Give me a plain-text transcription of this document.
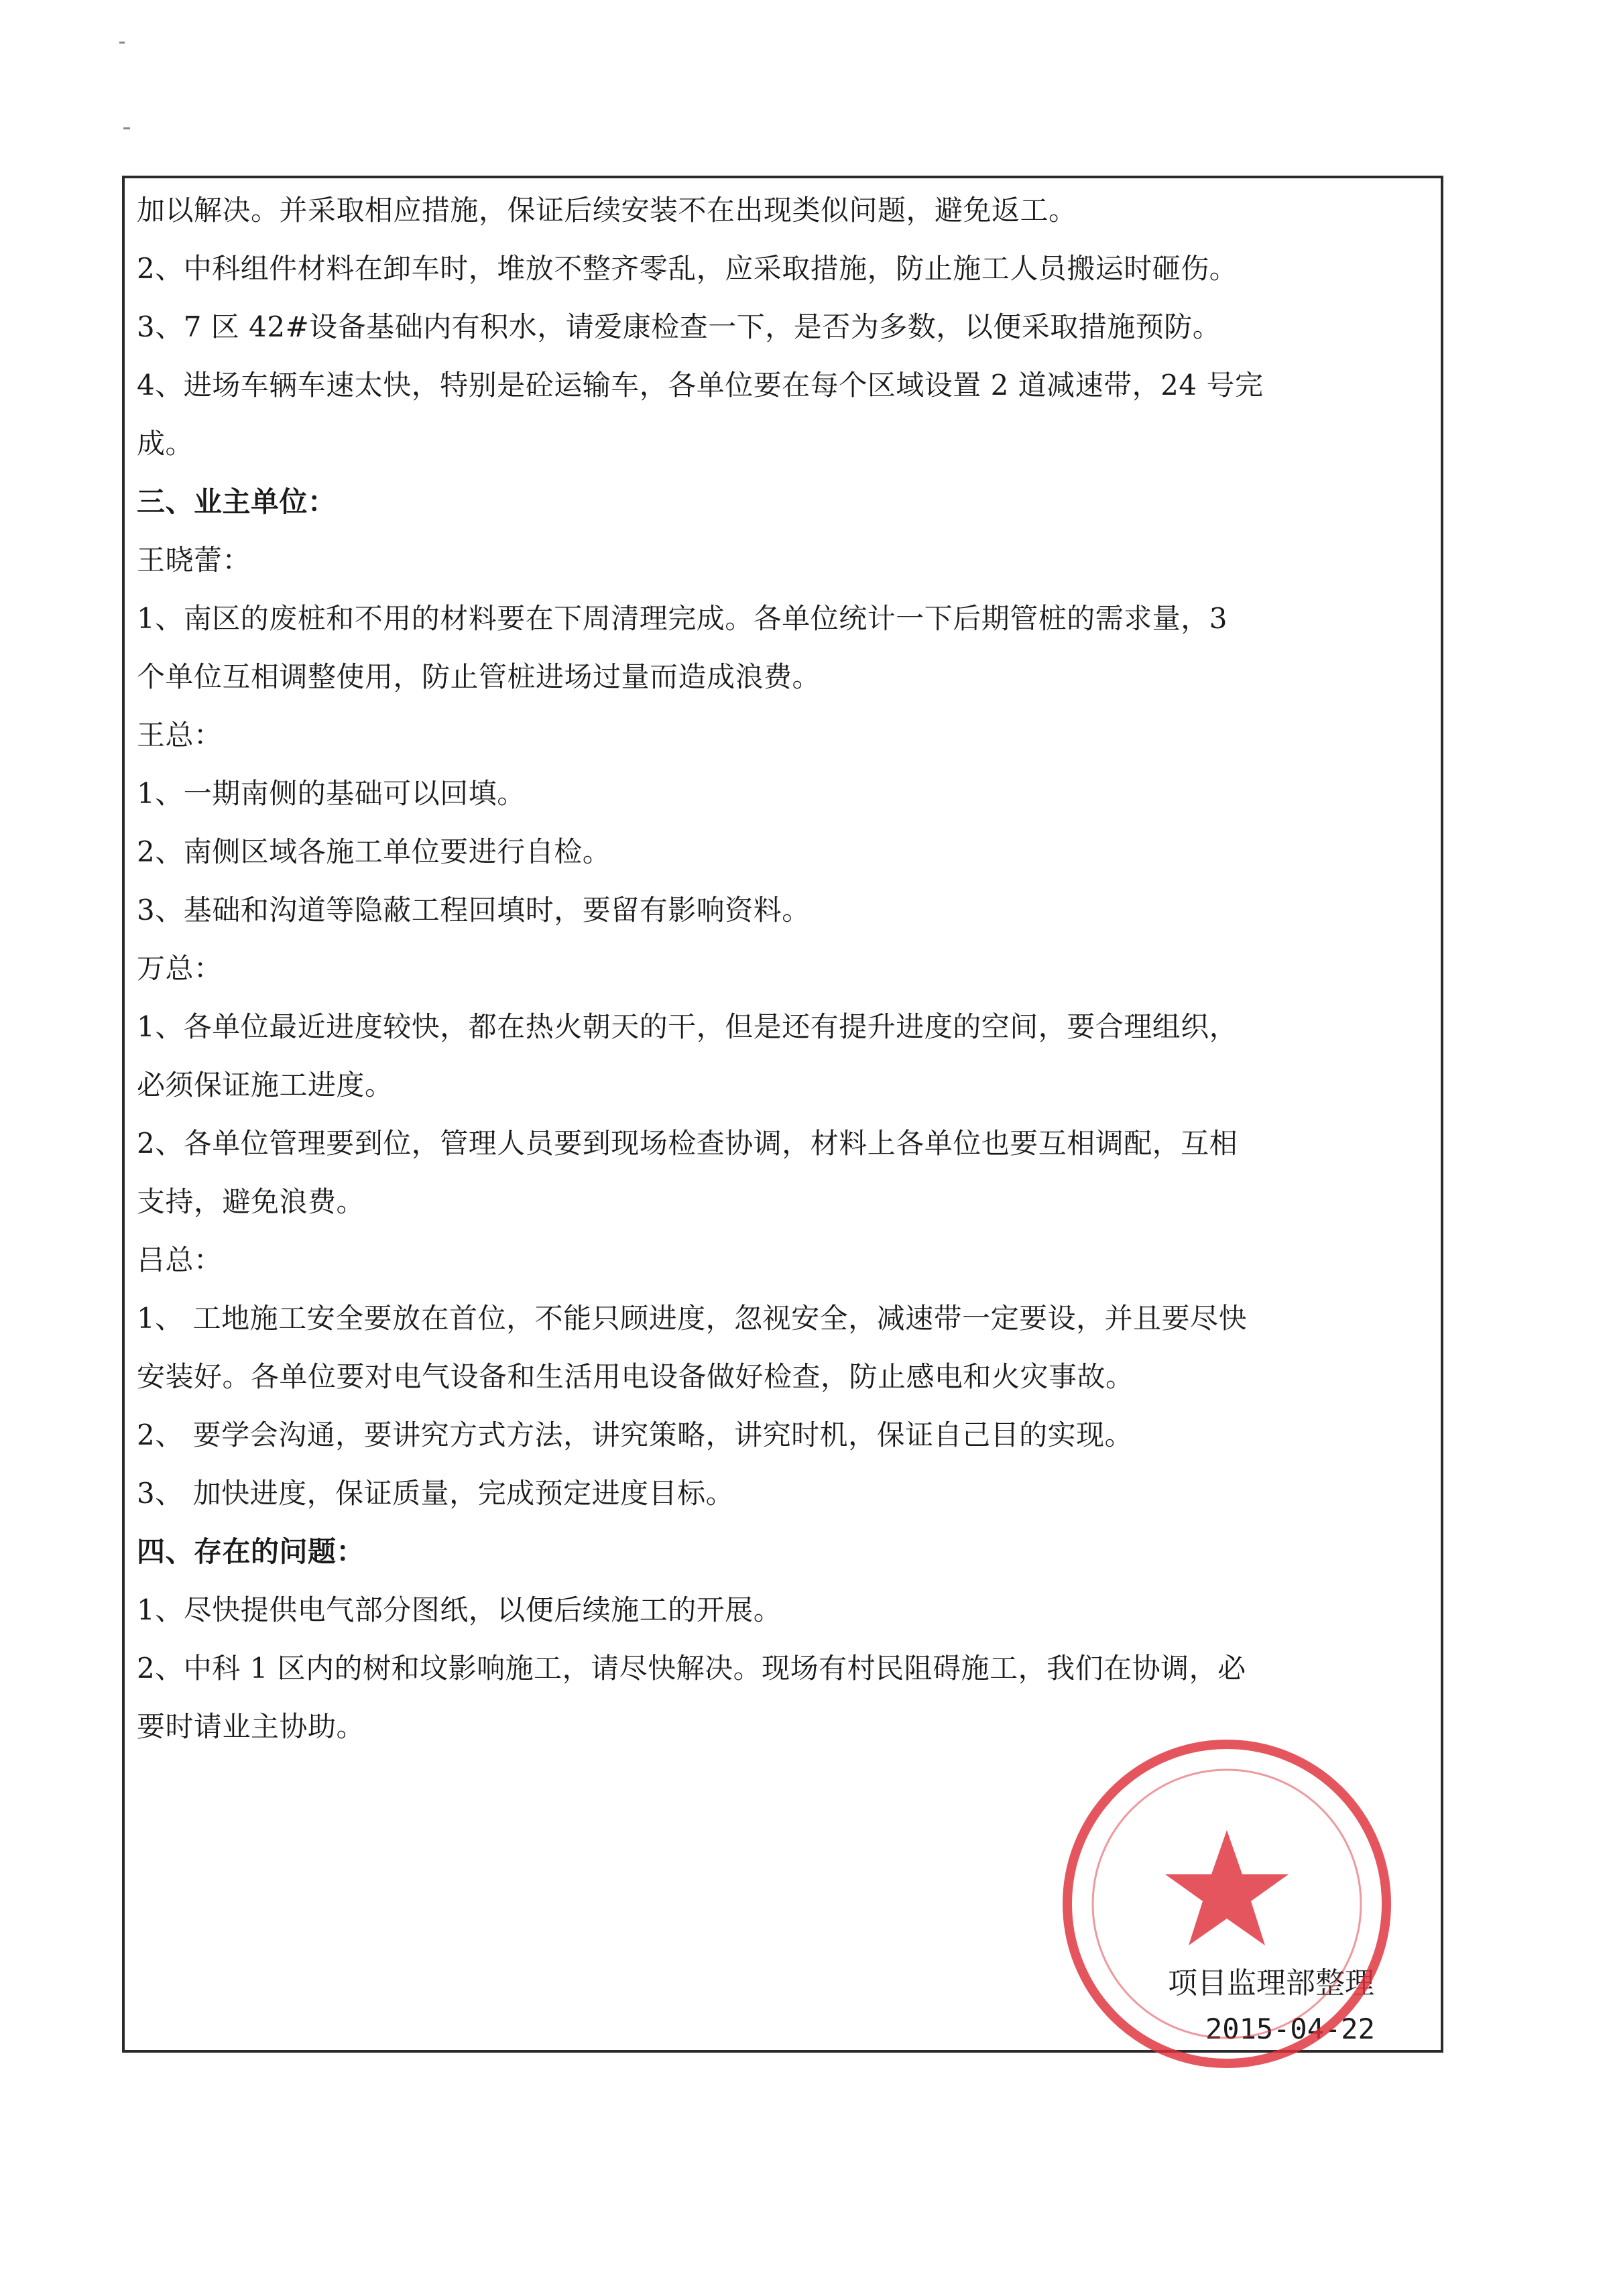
加以解决。并采取相应措施，保证后续安装不在出现类似问题，避免返工。
2、中科组件材料在卸车时，堆放不整齐零乱，应采取措施，防止施工人员搬运时砸伤。
3、7 区 42#设备基础内有积水，请爱康检查一下，是否为多数，以便采取措施预防。
4、进场车辆车速太快，特别是砼运输车，各单位要在每个区域设置 2 道减速带，24 号完
成。
三、业主单位：
王晓蕾：
1、南区的废桩和不用的材料要在下周清理完成。各单位统计一下后期管桩的需求量，3
个单位互相调整使用，防止管桩进场过量而造成浪费。
王总：
1、一期南侧的基础可以回填。
2、南侧区域各施工单位要进行自检。
3、基础和沟道等隐蔽工程回填时，要留有影响资料。
万总：
1、各单位最近进度较快，都在热火朝天的干，但是还有提升进度的空间，要合理组织，
必须保证施工进度。
2、各单位管理要到位，管理人员要到现场检查协调，材料上各单位也要互相调配，互相
支持，避免浪费。
吕总：
1、 工地施工安全要放在首位，不能只顾进度，忽视安全，减速带一定要设，并且要尽快
安装好。各单位要对电气设备和生活用电设备做好检查，防止感电和火灾事故。
2、 要学会沟通，要讲究方式方法，讲究策略，讲究时机，保证自己目的实现。
3、 加快进度，保证质量，完成预定进度目标。
四、存在的问题：
1、尽快提供电气部分图纸，以便后续施工的开展。
2、中科 1 区内的树和坟影响施工，请尽快解决。现场有村民阻碍施工，我们在协调，必
要时请业主协助。
项目监理部整理
2015-04-22
